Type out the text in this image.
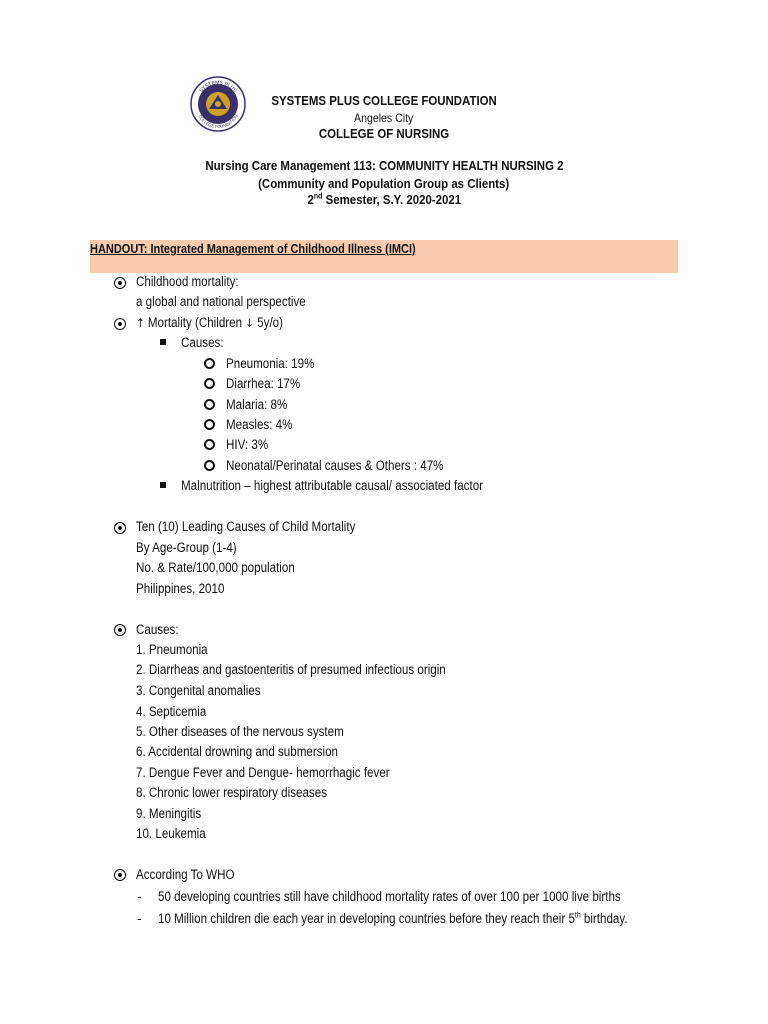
SYSTEMS PLUS
COLLEGE FOUNDATION
SYSTEMS PLUS COLLEGE FOUNDATION
Angeles City
COLLEGE OF NURSING
Nursing Care Management 113: COMMUNITY HEALTH NURSING 2
(Community and Population Group as Clients)
2nd Semester, S.Y. 2020-2021
HANDOUT: Integrated Management of Childhood Illness (IMCI)
Childhood mortality:
a global and national perspective
↑ Mortality (Children ↓ 5y/o)
Causes:
Pneumonia: 19%
Diarrhea: 17%
Malaria: 8%
Measles: 4%
HIV: 3%
Neonatal/Perinatal causes & Others : 47%
Malnutrition – highest attributable causal/ associated factor
Ten (10) Leading Causes of Child Mortality
By Age-Group (1-4)
No. & Rate/100,000 population
Philippines, 2010
Causes:
1. Pneumonia
2. Diarrheas and gastoenteritis of presumed infectious origin
3. Congenital anomalies
4. Septicemia
5. Other diseases of the nervous system
6. Accidental drowning and submersion
7. Dengue Fever and Dengue- hemorrhagic fever
8. Chronic lower respiratory diseases
9. Meningitis
10. Leukemia
According To WHO
- 50 developing countries still have childhood mortality rates of over 100 per 1000 live births
- 10 Million children die each year in developing countries before they reach their 5th birthday.
